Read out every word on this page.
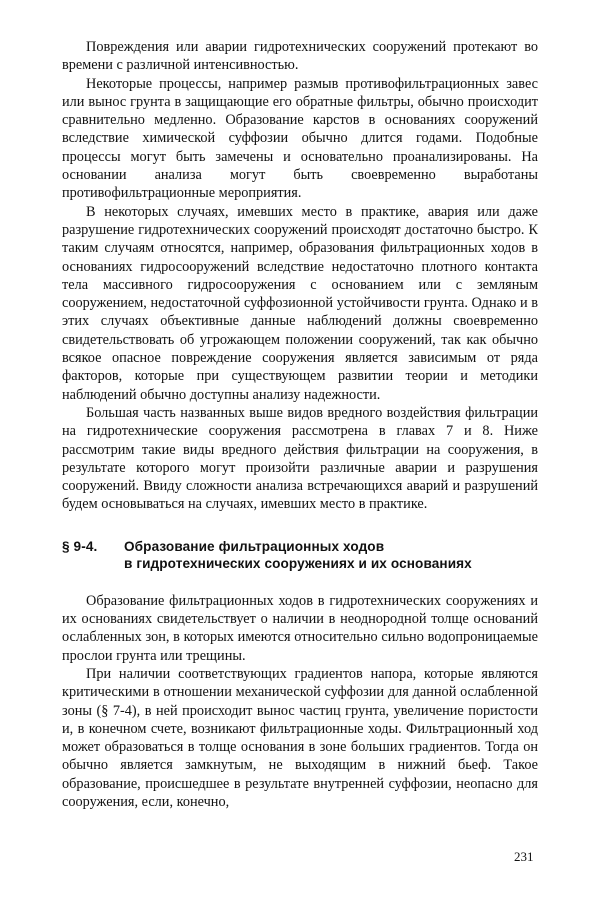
Повреждения или аварии гидротехнических сооружений протекают во времени с различной интенсивностью.

Некоторые процессы, например размыв противофильтрационных завес или вынос грунта в защищающие его обратные фильтры, обычно происходит сравнительно медленно. Образование карстов в основаниях сооружений вследствие химической суффозии обычно длится годами. Подобные процессы могут быть замечены и основательно проанализированы. На основании анализа могут быть своевременно выработаны противофильтрационные мероприятия.

В некоторых случаях, имевших место в практике, авария или даже разрушение гидротехнических сооружений происходят достаточно быстро. К таким случаям относятся, например, образования фильтрационных ходов в основаниях гидросооружений вследствие недостаточно плотного контакта тела массивного гидросооружения с основанием или с земляным сооружением, недостаточной суффозионной устойчивости грунта. Однако и в этих случаях объективные данные наблюдений должны своевременно свидетельствовать об угрожающем положении сооружений, так как обычно всякое опасное повреждение сооружения является зависимым от ряда факторов, которые при существующем развитии теории и методики наблюдений обычно доступны анализу надежности.

Большая часть названных выше видов вредного воздействия фильтрации на гидротехнические сооружения рассмотрена в главах 7 и 8. Ниже рассмотрим такие виды вредного действия фильтрации на сооружения, в результате которого могут произойти различные аварии и разрушения сооружений. Ввиду сложности анализа встречающихся аварий и разрушений будем основываться на случаях, имевших место в практике.

§ 9-4. Образование фильтрационных ходов
в гидротехнических сооружениях и их основаниях

Образование фильтрационных ходов в гидротехнических сооружениях и их основаниях свидетельствует о наличии в неоднородной толще оснований ослабленных зон, в которых имеются относительно сильно водопроницаемые прослои грунта или трещины.

При наличии соответствующих градиентов напора, которые являются критическими в отношении механической суффозии для данной ослабленной зоны (§ 7-4), в ней происходит вынос частиц грунта, увеличение пористости и, в конечном счете, возникают фильтрационные ходы. Фильтрационный ход может образоваться в толще основания в зоне больших градиентов. Тогда он обычно является замкнутым, не выходящим в нижний бьеф. Такое образование, происшедшее в результате внутренней суффозии, неопасно для сооружения, если, конечно,

231
